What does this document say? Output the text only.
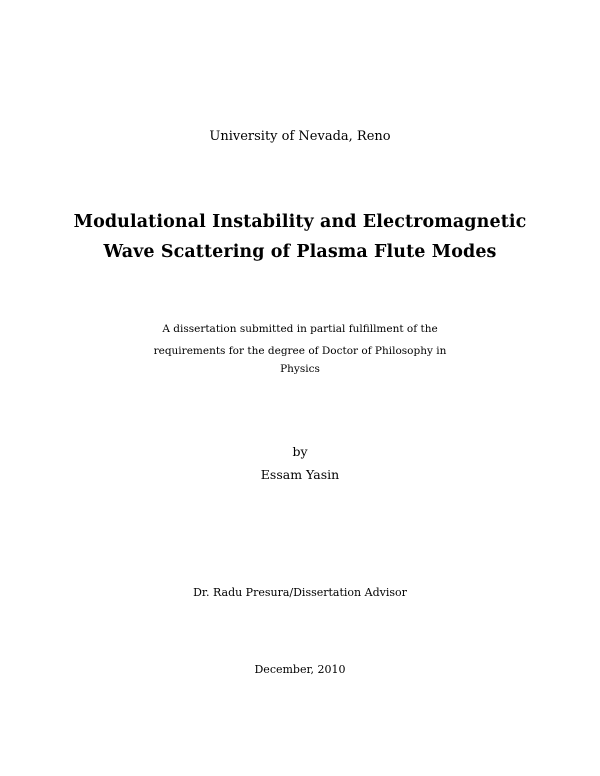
University of Nevada, Reno
Modulational Instability and Electromagnetic
Wave Scattering of Plasma Flute Modes
A dissertation submitted in partial fulfillment of the
requirements for the degree of Doctor of Philosophy in
Physics
by
Essam Yasin
Dr. Radu Presura/Dissertation Advisor
December, 2010
